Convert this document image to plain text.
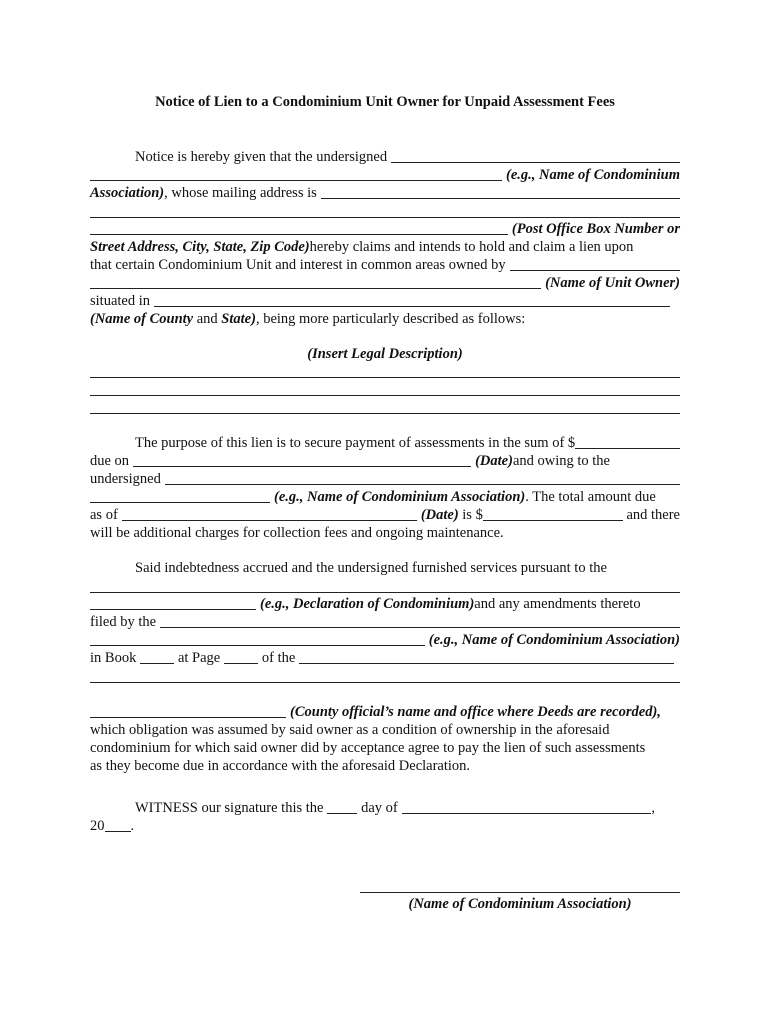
Notice of Lien to a Condominium Unit Owner for Unpaid Assessment Fees
Notice is hereby given that the undersigned
(e.g., Name of Condominium
Association) , whose mailing address is
(Post Office Box Number or
Street Address, City, State, Zip Code) hereby claims and intends to hold and claim a lien upon
that certain Condominium Unit and interest in common areas owned by
(Name of Unit Owner)
situated in
(Name of County and State) , being more particularly described as follows:
(Insert Legal Description)
The purpose of this lien is to secure payment of assessments in the sum of $
due on	(Date) and owing to the
undersigned
(e.g., Name of Condominium Association) . The total amount due
as of	(Date) is $	and there
will be additional charges for collection fees and ongoing maintenance.
Said indebtedness accrued and the undersigned furnished services pursuant to the
(e.g., Declaration of Condominium) and any amendments thereto
filed by the
(e.g., Name of Condominium Association)
in Book	at Page	of the
(County official’s name and office where Deeds are recorded),
which obligation was assumed by said owner as a condition of ownership in the aforesaid
condominium for which said owner did by acceptance agree to pay the lien of such assessments
as they become due in accordance with the aforesaid Declaration.
WITNESS our signature this the day of	,
20 .
(Name of Condominium Association)
